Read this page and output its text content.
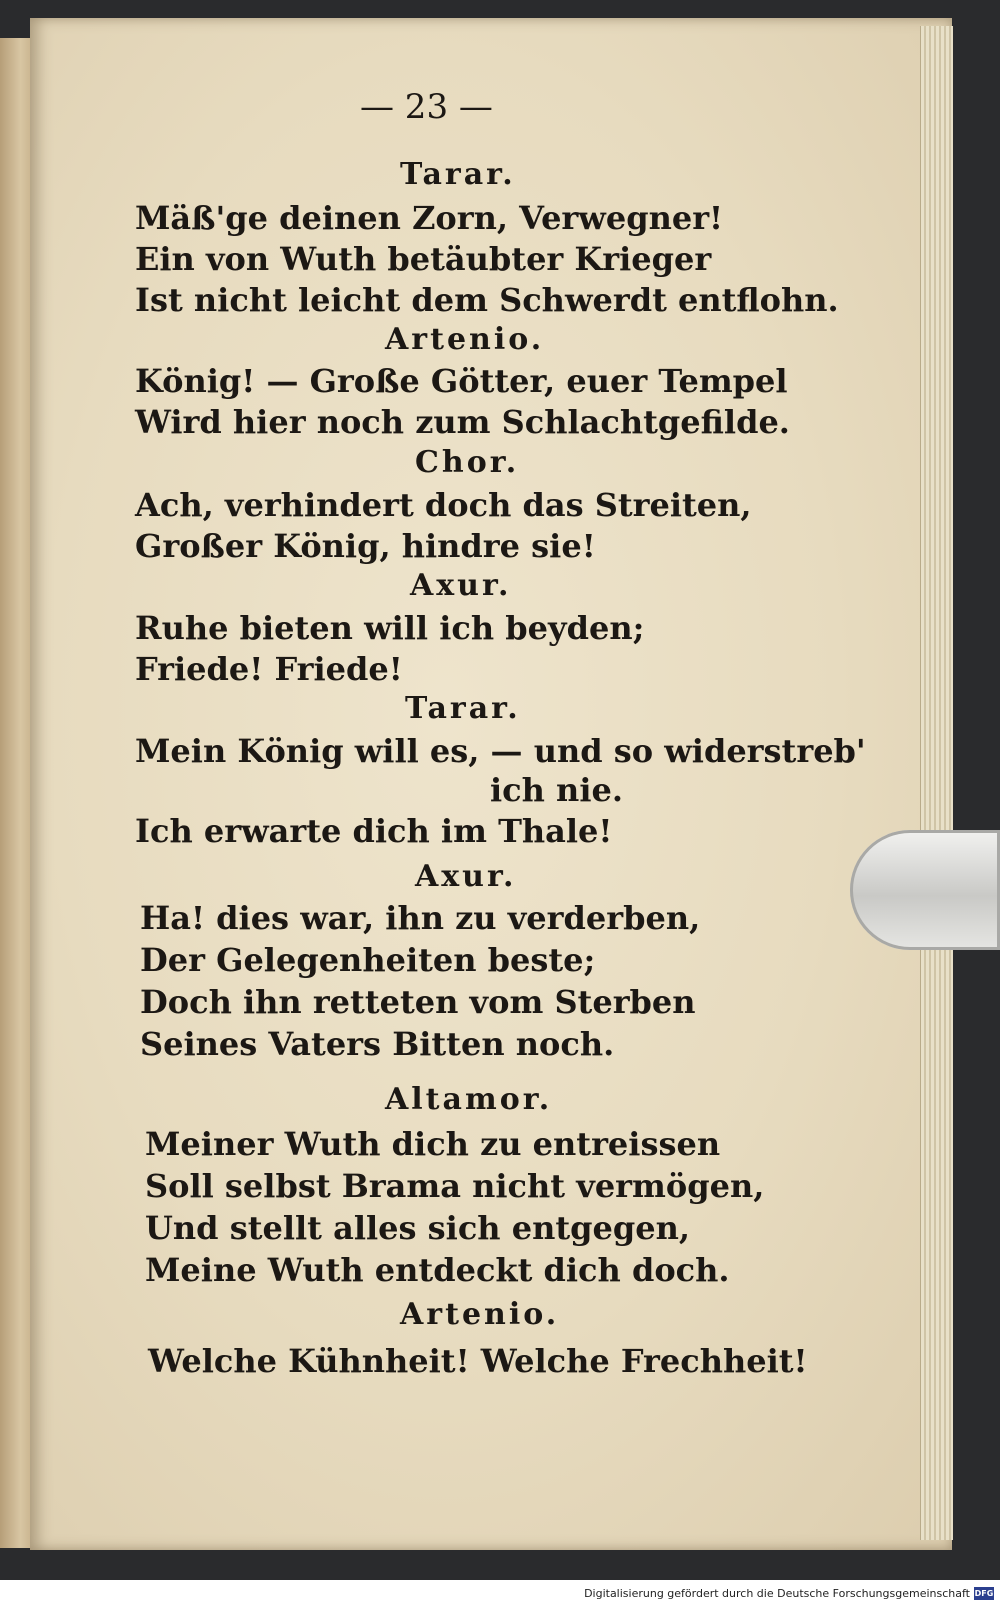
— 23 —
Tarar.
Mäß'ge deinen Zorn, Verwegner!
Ein von Wuth betäubter Krieger
Ist nicht leicht dem Schwerdt entflohn.
Artenio.
König! — Große Götter, euer Tempel
Wird hier noch zum Schlachtgefilde.
Chor.
Ach, verhindert doch das Streiten,
Großer König, hindre sie!
Axur.
Ruhe bieten will ich beyden;
Friede! Friede!
Tarar.
Mein König will es, — und so widerstreb'
ich nie.
Ich erwarte dich im Thale!
Axur.
Ha! dies war, ihn zu verderben,
Der Gelegenheiten beste;
Doch ihn retteten vom Sterben
Seines Vaters Bitten noch.
Altamor.
Meiner Wuth dich zu entreissen
Soll selbst Brama nicht vermögen,
Und stellt alles sich entgegen,
Meine Wuth entdeckt dich doch.
Artenio.
Welche Kühnheit! Welche Frechheit!
Digitalisierung gefördert durch die Deutsche Forschungsgemeinschaft DFG
